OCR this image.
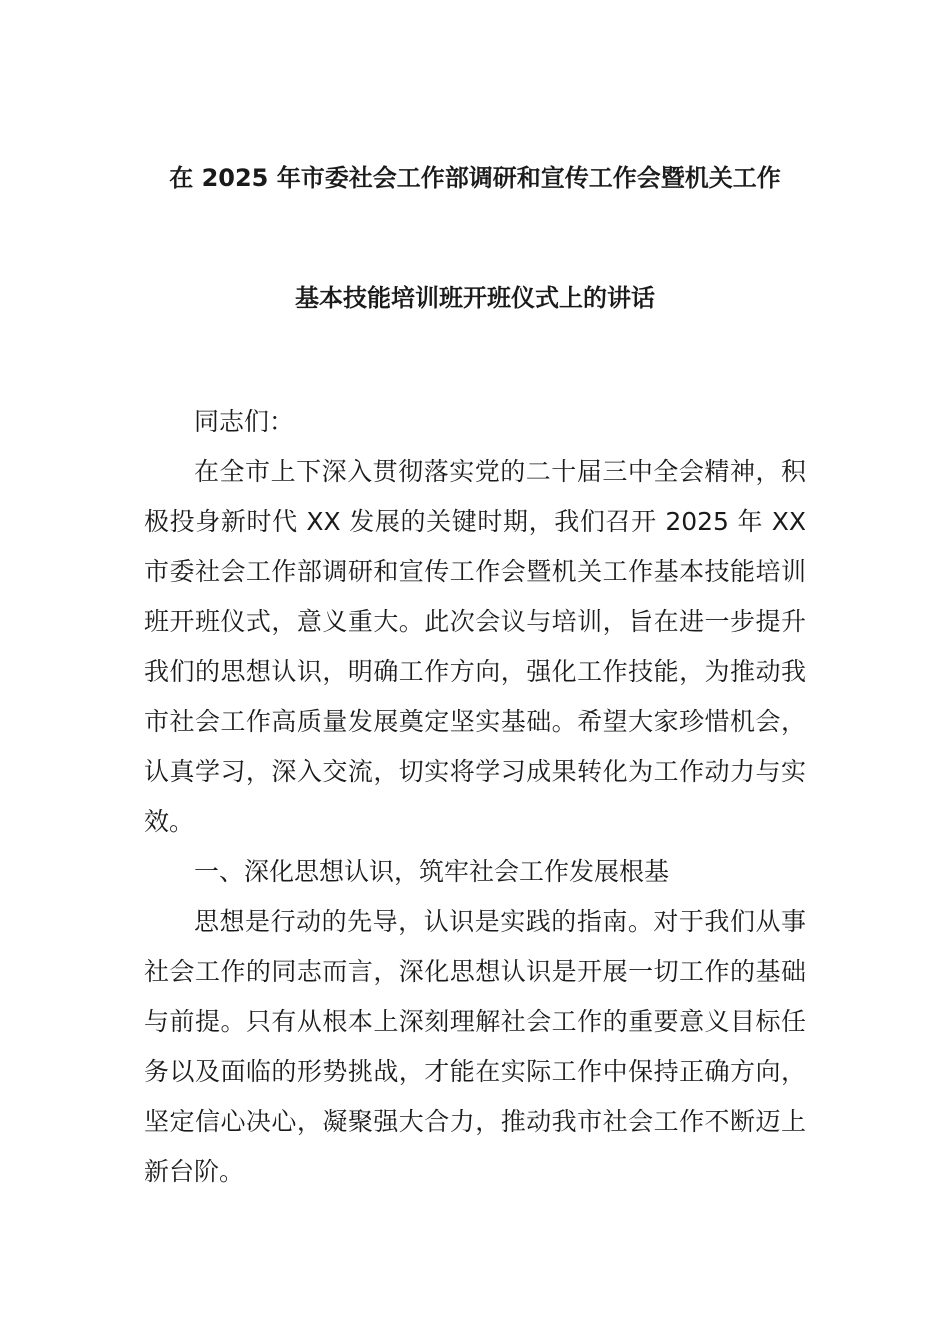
在 2025 年市委社会工作部调研和宣传工作会暨机关工作
基本技能培训班开班仪式上的讲话

同志们：

在全市上下深入贯彻落实党的二十届三中全会精神，积极投身新时代 XX 发展的关键时期，我们召开 2025 年 XX 市委社会工作部调研和宣传工作会暨机关工作基本技能培训班开班仪式，意义重大。此次会议与培训，旨在进一步提升我们的思想认识，明确工作方向，强化工作技能，为推动我市社会工作高质量发展奠定坚实基础。希望大家珍惜机会，认真学习，深入交流，切实将学习成果转化为工作动力与实效。

一、深化思想认识，筑牢社会工作发展根基

思想是行动的先导，认识是实践的指南。对于我们从事社会工作的同志而言，深化思想认识是开展一切工作的基础与前提。只有从根本上深刻理解社会工作的重要意义目标任务以及面临的形势挑战，才能在实际工作中保持正确方向，坚定信心决心，凝聚强大合力，推动我市社会工作不断迈上新台阶。
